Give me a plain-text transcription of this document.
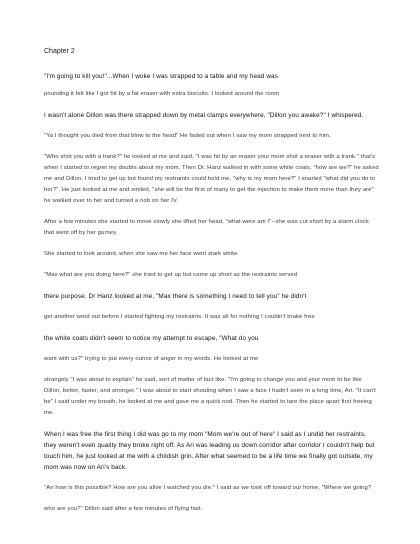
Chapter 2

"I'm going to kill you!"...When I woke I was strapped to a table and my head was

pounding it felt like I got hit by a fat eraser with extra biscuits. I looked around the room

I wasn't alone Dillon was there strapped down by metal clamps everywhere, "Dillon you awake?" I whispered.

"Ya I thought you died from that blow to the head" He faded out when I saw my mom strapped next to him.

"Who shot you with a trank?" he looked at me and said, "I was hit by an eraser your mom shot a eraser with a trank." that's when I started to regret my doubts about my mom. Then Dr. Hanz walked in with some white coats, "how are we?" he asked me and Dillon. I tried to get up but found my restraints could hold me, "why is my mom here?" I snarled "what did you do to her?". He just looked at me and smiled, "she will be the first of many to get the injection to make them more than they are" he walked over to her and turned a nob on her IV.

After a few minutes she started to move slowly she lifted her head, "what were am I"--she was cut short by a alarm clock that went off by her gurney.

She started to look around, when she saw me her face went stark white.

"Max what are you doing here?" she tried to get up but came up short as the restraints served

there purpose. Dr Hanz looked at me, "Max there is something I need to tell you" he didn't

get another word out before I started fighting my restraints. It was all for nothing I couldn't brake free

the white coats didn't seem to notice my attempt to escape, "What do you

want with us?" trying to put every ounce of anger in my words. He looked at me

strangely "I was about to explain" he said, sort of matter of fact like. "I'm going to change you and your mom to be like Dillon, better, faster, and stronger." I was about to start shouting when I saw a face I hadn't seen in a long time, Ari. "It can't be" I said under my breath, he looked at me and gave me a quick nod. Then he started to tare the place apart first freeing me.

When I was free the first thing I did was go to my mom "Mom we're out of here" I said as I undid her restraints, they weren't even quality they broke right off. As Ari was leading us down corridor after corridor I couldn't help but touch him, he just looked at me with a childish grin. After what seemed to be a life time we finally got outside, my mom was now on Ari's back.

"Ari how is this possible? How are you alive I watched you die." I said as we took off toward our home, "Where we going?

who are you?" Dillon said after a few minutes of flying fast.
